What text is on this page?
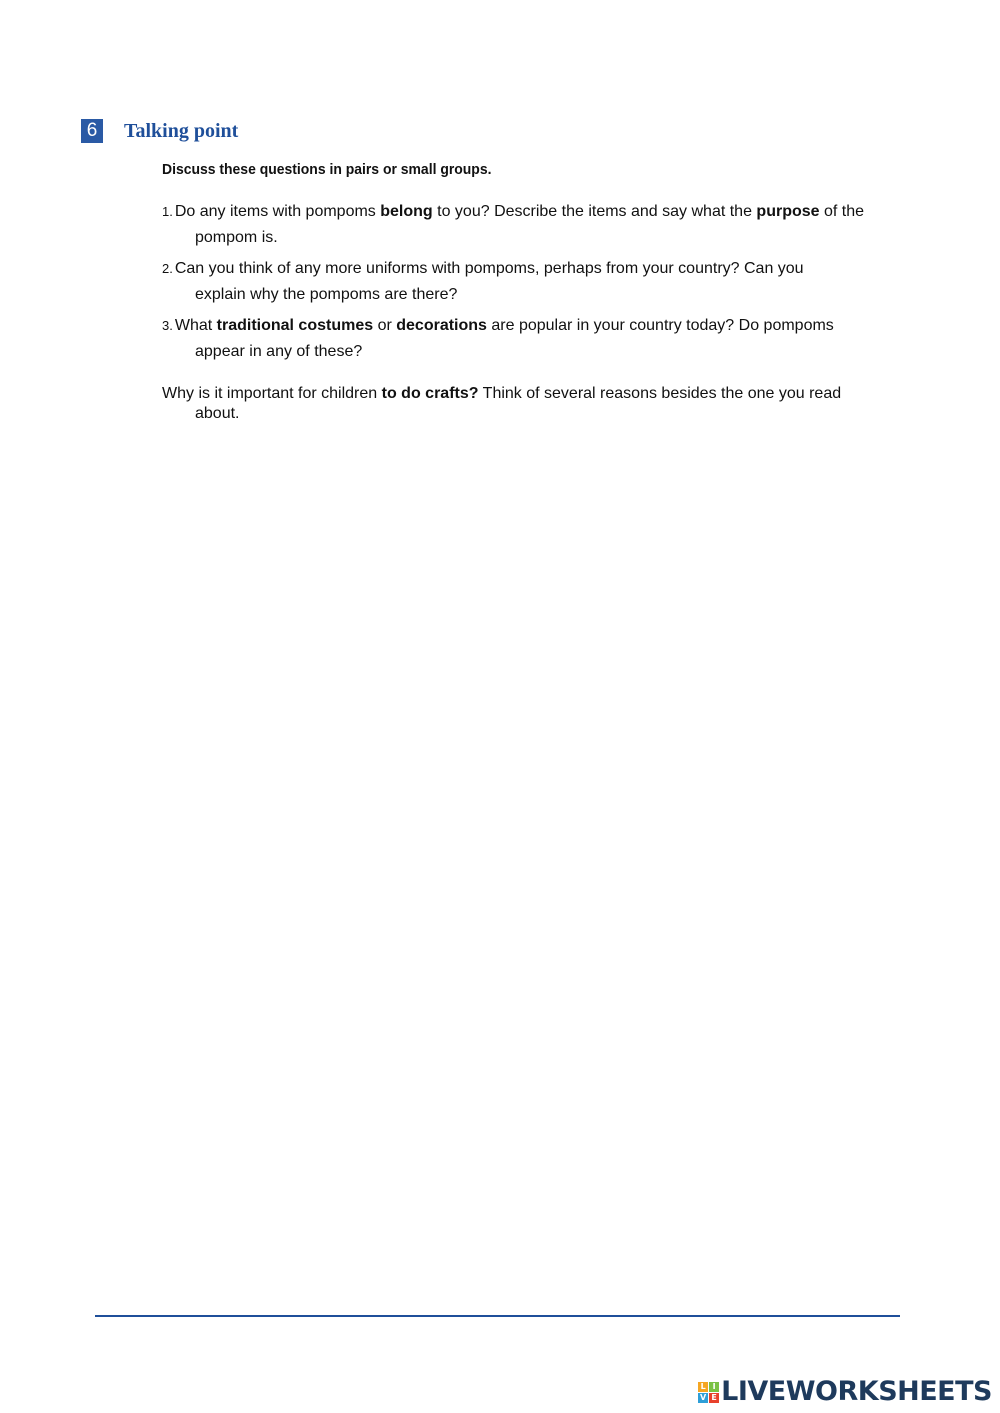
6 Talking point
Discuss these questions in pairs or small groups.
1. Do any items with pompoms belong to you? Describe the items and say what the purpose of the
pompom is.
2. Can you think of any more uniforms with pompoms, perhaps from your country? Can you
explain why the pompoms are there?
3. What traditional costumes or decorations are popular in your country today? Do pompoms
appear in any of these?
Why is it important for children to do crafts? Think of several reasons besides the one you read
about.
L I
V E LIVEWORKSHEETS
